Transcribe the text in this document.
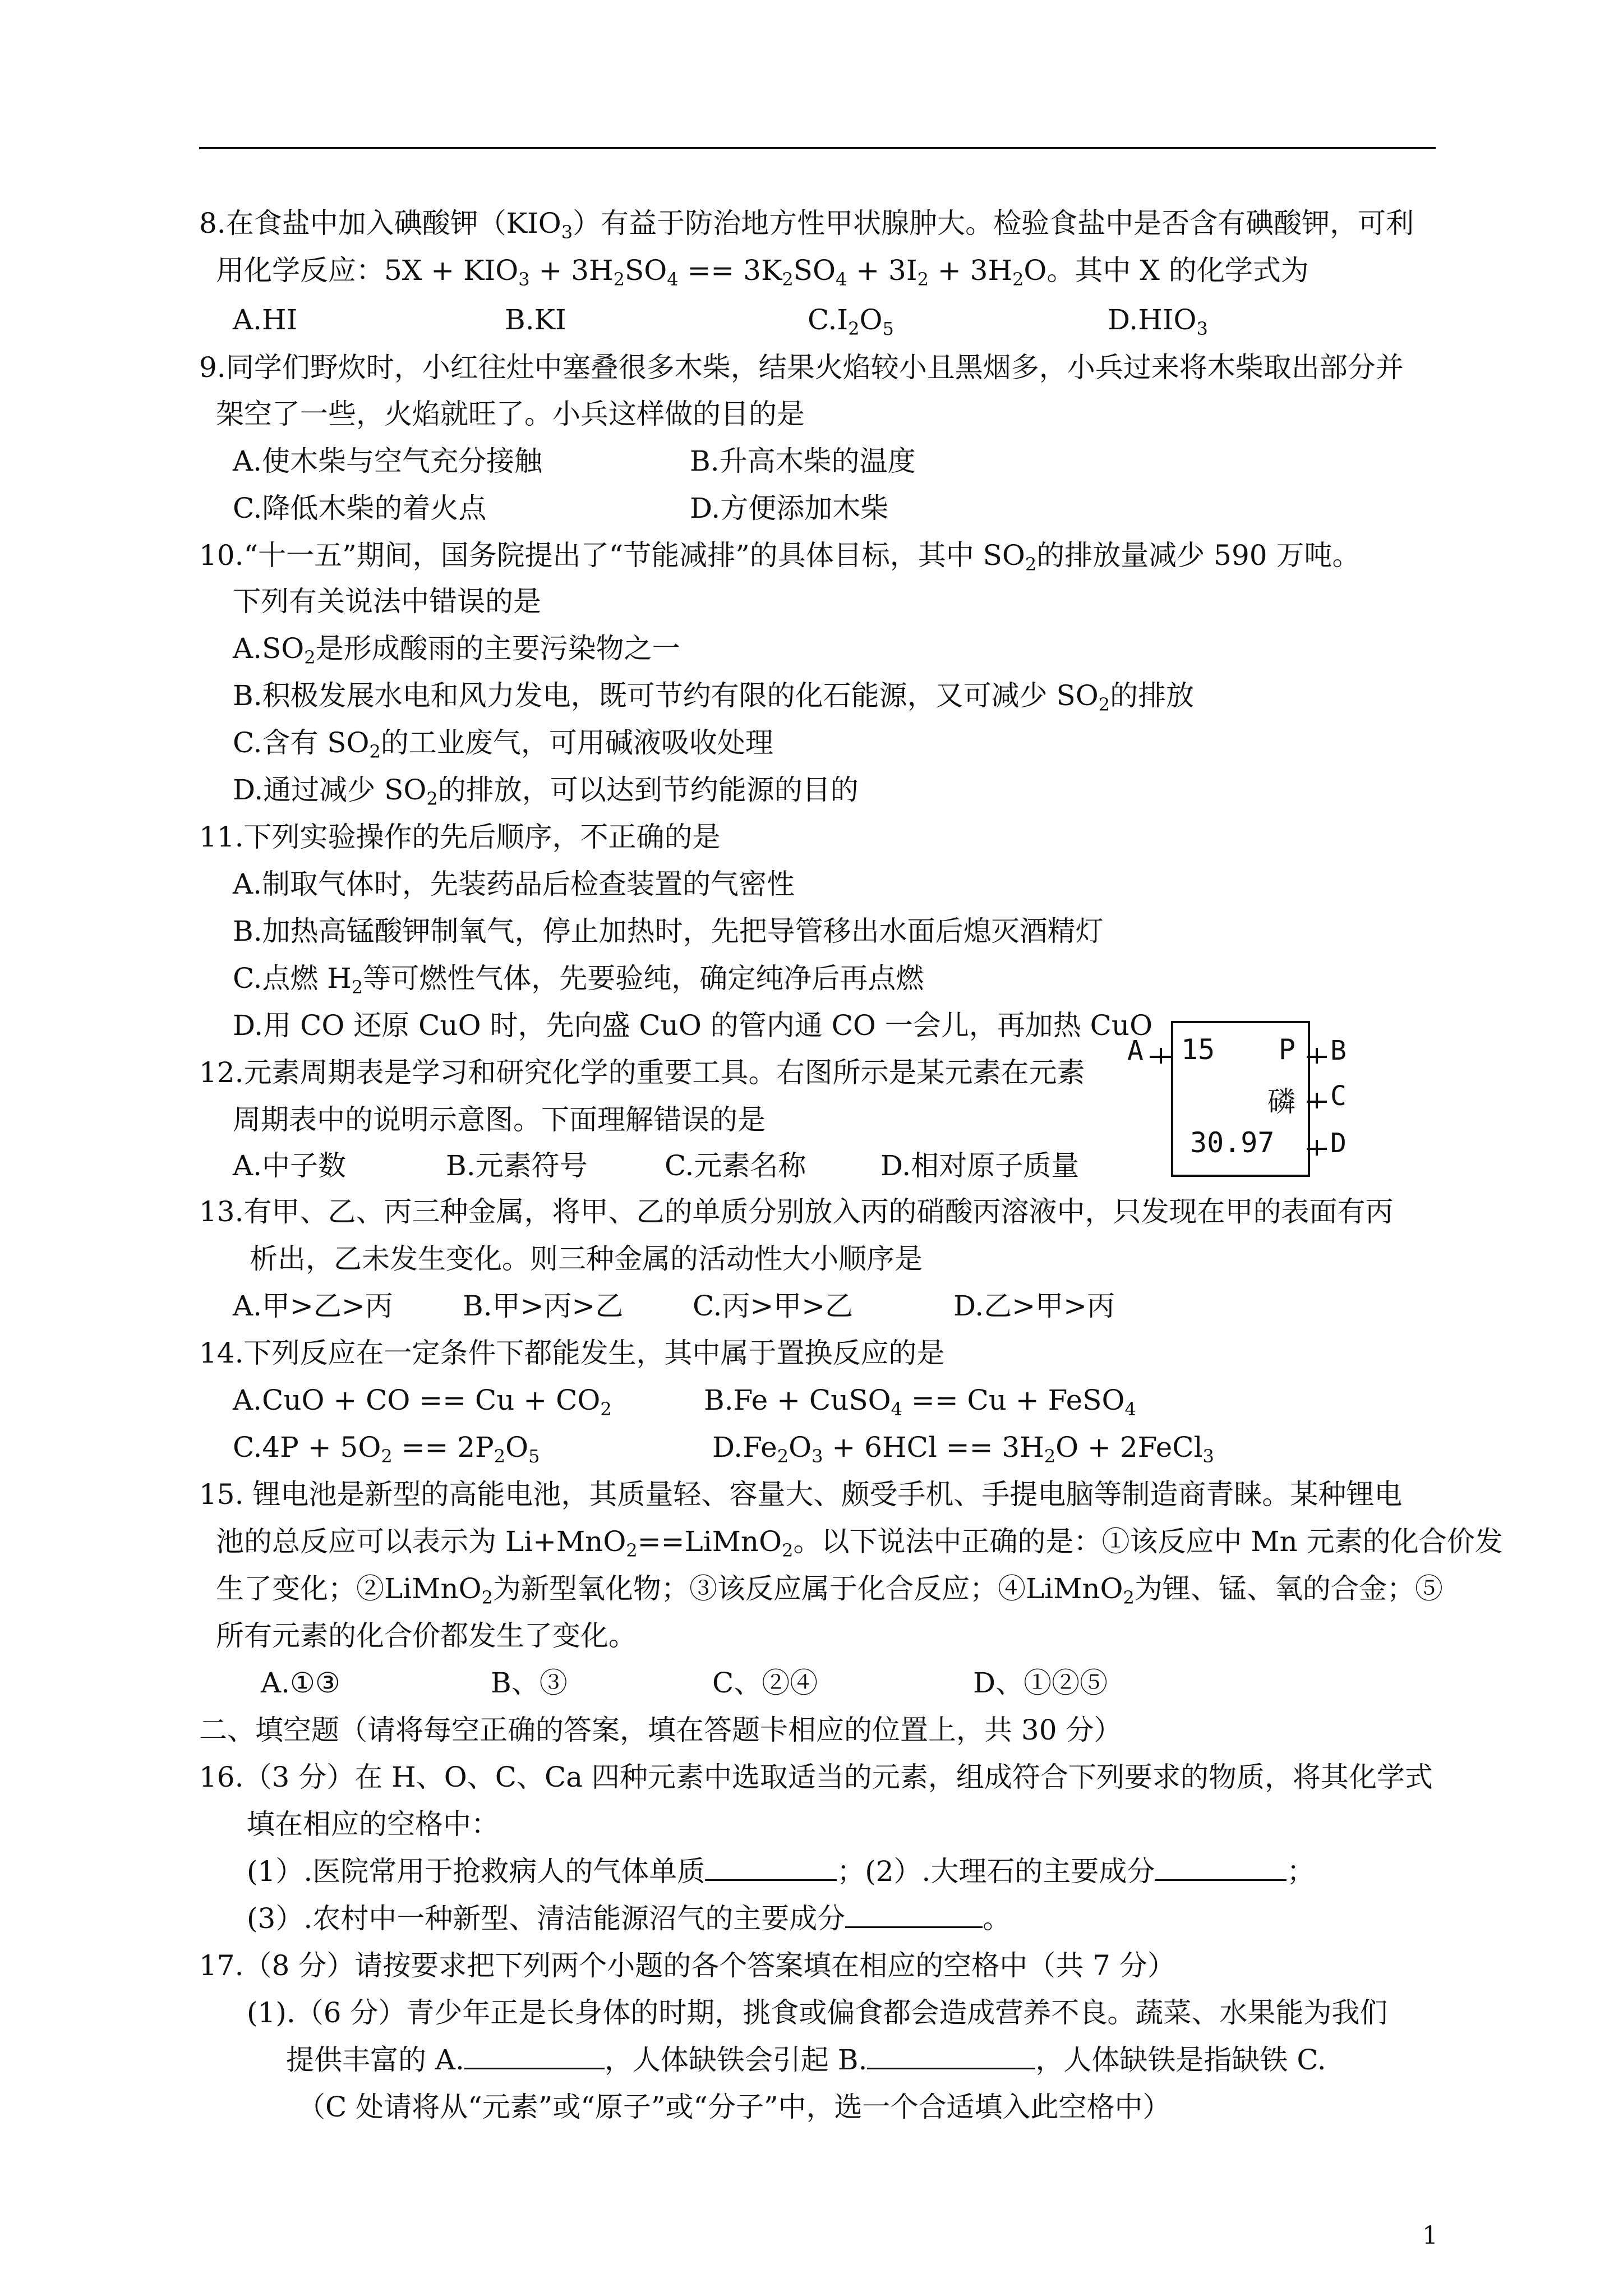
8.在食盐中加入碘酸钾$(KIO_3)$有益于防治地方性甲状腺肿大。检验食盐中是否含有碘酸钾，可利
用化学反应：$5X + KIO_3 + 3H_2SO_4 == 3K_2SO_4 + 3I_2 + 3H_2O$。其中 X 的化学式为
A.HI	B.KI	$C.I_2O_5$	$D.HIO_3$
9.同学们野炊时，小红往灶中塞叠很多木柴，结果火焰较小且黑烟多，小兵过来将木柴取出部分并
架空了一些，火焰就旺了。小兵这样做的目的是
A.使木柴与空气充分接触	B.升高木柴的温度
C.降低木柴的着火点	D.方便添加木柴
10.“十一五”期间，国务院提出了“节能减排”的具体目标，其中 $SO_2$的排放量减少 590 万吨。
下列有关说法中错误的是
$A.SO_2$是形成酸雨的主要污染物之一
B.积极发展水电和风力发电，既可节约有限的化石能源，又可减少 $SO_2$的排放
C.含有 $SO_2$的工业废气，可用碱液吸收处理
D.通过减少 $SO_2$的排放，可以达到节约能源的目的
11.下列实验操作的先后顺序，不正确的是
A.制取气体时，先装药品后检查装置的气密性
B.加热高锰酸钾制氧气，停止加热时，先把导管移出水面后熄灭酒精灯
C.点燃 $H_2$等可燃性气体，先要验纯，确定纯净后再点燃
D.用 CO 还原 CuO 时，先向盛 CuO 的管内通 CO 一会儿，再加热 CuO
12.元素周期表是学习和研究化学的重要工具。右图所示是某元素在元素
周期表中的说明示意图。下面理解错误的是
A.中子数	B.元素符号	C.元素名称	D.相对原子质量
15 P
磷
30.97
A	B
C
D
13.有甲、乙、丙三种金属，将甲、乙的单质分别放入丙的硝酸丙溶液中，只发现在甲的表面有丙
析出，乙未发生变化。则三种金属的活动性大小顺序是
A.甲>乙>丙 B.甲>丙>乙 C.丙>甲>乙	D.乙>甲>丙
14.下列反应在一定条件下都能发生，其中属于置换反应的是
A.CuO + CO == $Cu + CO_2$	B.Fe + CuSO$_4$ == Cu + FeSO$_4$
$C.4P + 5O_2 == 2P_2O_5$	$D.Fe_2O_3 + 6HCl == 3H_2O$ + 2FeCl$_3$
15. 锂电池是新型的高能电池，其质量轻、容量大、颇受手机、手提电脑等制造商青睐。某种锂电
池的总反应可以表示为 Li+MnO$_2$==LiMnO$_2$。以下说法中正确的是：①该反应中 Mn 元素的化合价发
生了变化；②LiMnO$_2$为新型氧化物；③该反应属于化合反应；④LiMnO$_2$为锂、锰、氧的合金；⑤
所有元素的化合价都发生了变化。
A.①③	B、③	C、②④	D、①②⑤
二、填空题（请将每空正确的答案，填在答题卡相应的位置上，共 30 分）
16.（3 分）在 H、O、C、Ca 四种元素中选取适当的元素，组成符合下列要求的物质，将其化学式
填在相应的空格中：
(1）.医院常用于抢救病人的气体单质	；(2）.大理石的主要成分	；
(3）.农村中一种新型、清洁能源沼气的主要成分	。
17.（8 分）请按要求把下列两个小题的各个答案填在相应的空格中（共 7 分）
(1).（6 分）青少年正是长身体的时期，挑食或偏食都会造成营养不良。蔬菜、水果能为我们
提供丰富的 A.	，人体缺铁会引起 B.	，人体缺铁是指缺铁 C.
（C 处请将从“元素”或“原子”或“分子”中，选一个合适填入此空格中）
1
